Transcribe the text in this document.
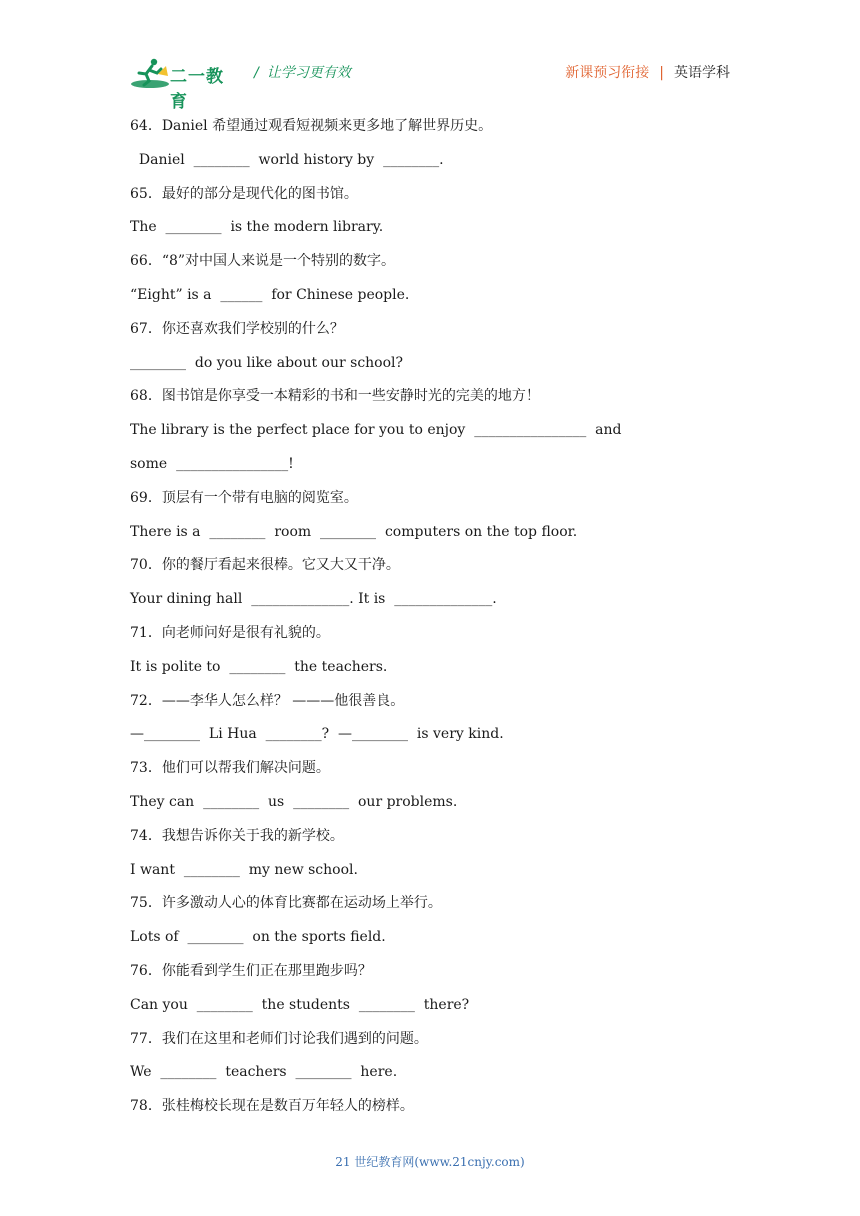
二一教育
/ 让学习更有效	新课预习衔接 | 英语学科
64．Daniel 希望通过观看短视频来更多地了解世界历史。
Daniel  ________  world history by  ________.
65．最好的部分是现代化的图书馆。
The  ________  is the modern library.
66．“8”对中国人来说是一个特别的数字。
“Eight” is a  ______  for Chinese people.
67．你还喜欢我们学校别的什么？
________  do you like about our school?
68．图书馆是你享受一本精彩的书和一些安静时光的完美的地方！
The library is the perfect place for you to enjoy  ________________  and
some  ________________!
69．顶层有一个带有电脑的阅览室。
There is a  ________  room  ________  computers on the top floor.
70．你的餐厅看起来很棒。它又大又干净。
Your dining hall  ______________. It is  ______________.
71．向老师问好是很有礼貌的。
It is polite to  ________  the teachers.
72．——李华人怎么样？ ———他很善良。
—________  Li Hua  ________?  —________  is very kind.
73．他们可以帮我们解决问题。
They can  ________  us  ________  our problems.
74．我想告诉你关于我的新学校。
I want  ________  my new school.
75．许多激动人心的体育比赛都在运动场上举行。
Lots of  ________  on the sports field.
76．你能看到学生们正在那里跑步吗？
Can you  ________  the students  ________  there?
77．我们在这里和老师们讨论我们遇到的问题。
We  ________  teachers  ________  here.
78．张桂梅校长现在是数百万年轻人的榜样。
21 世纪教育网(www.21cnjy.com)
